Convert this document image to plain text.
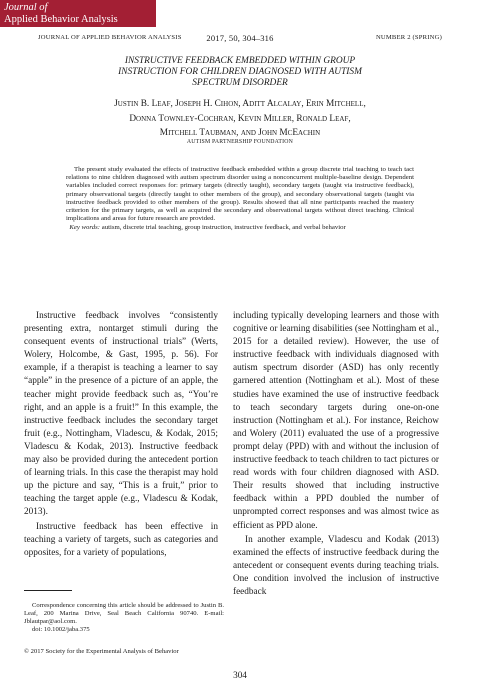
Journal of
Applied Behavior Analysis
JOURNAL OF APPLIED BEHAVIOR ANALYSIS	2017, 50, 304–316	NUMBER 2 (SPRING)
INSTRUCTIVE FEEDBACK EMBEDDED WITHIN GROUP
INSTRUCTION FOR CHILDREN DIAGNOSED WITH AUTISM
SPECTRUM DISORDER
Justin B. Leaf, Joseph H. Cihon, Aditt Alcalay, Erin Mitchell,
Donna Townley-Cochran, Kevin Miller, Ronald Leaf,
Mitchell Taubman, and John McEachin
AUTISM PARTNERSHIP FOUNDATION

The present study evaluated the effects of instructive feedback embedded within a group discrete trial teaching to teach tact relations to nine children diagnosed with autism spectrum disorder using a nonconcurrent multiple-baseline design. Dependent variables included correct responses for: primary targets (directly taught), secondary targets (taught via instructive feedback), primary observational targets (directly taught to other members of the group), and secondary observational targets (taught via instructive feedback provided to other members of the group). Results showed that all nine participants reached the mastery criterion for the primary targets, as well as acquired the secondary and observational targets without direct teaching. Clinical implications and areas for future research are provided.

Key words: autism, discrete trial teaching, group instruction, instructive feedback, and verbal behavior

Instructive feedback involves “consistently presenting extra, nontarget stimuli during the consequent events of instructional trials” (Werts, Wolery, Holcombe, & Gast, 1995, p. 56). For example, if a therapist is teaching a learner to say “apple” in the presence of a picture of an apple, the teacher might provide feedback such as, “You’re right, and an apple is a fruit!” In this example, the instructive feedback includes the secondary target fruit (e.g., Nottingham, Vladescu, & Kodak, 2015; Vladescu & Kodak, 2013). Instructive feedback may also be provided during the antecedent portion of learning trials. In this case the therapist may hold up the picture and say, “This is a fruit,” prior to teaching the target apple (e.g., Vladescu & Kodak, 2013).

Instructive feedback has been effective in teaching a variety of targets, such as categories and opposites, for a variety of populations,

including typically developing learners and those with cognitive or learning disabilities (see Nottingham et al., 2015 for a detailed review). However, the use of instructive feedback with individuals diagnosed with autism spectrum disorder (ASD) has only recently garnered attention (Nottingham et al.). Most of these studies have examined the use of instructive feedback to teach secondary targets during one-on-one instruction (Nottingham et al.). For instance, Reichow and Wolery (2011) evaluated the use of a progressive prompt delay (PPD) with and without the inclusion of instructive feedback to teach children to tact pictures or read words with four children diagnosed with ASD. Their results showed that including instructive feedback within a PPD doubled the number of unprompted correct responses and was almost twice as efficient as PPD alone.

In another example, Vladescu and Kodak (2013) examined the effects of instructive feedback during the antecedent or consequent events during teaching trials. One condition involved the inclusion of instructive feedback

Correspondence concerning this article should be addressed to Justin B. Leaf, 200 Marina Drive, Seal Beach California 90740. E-mail: Jblautpar@aol.com.

doi: 10.1002/jaba.375

© 2017 Society for the Experimental Analysis of Behavior
304
